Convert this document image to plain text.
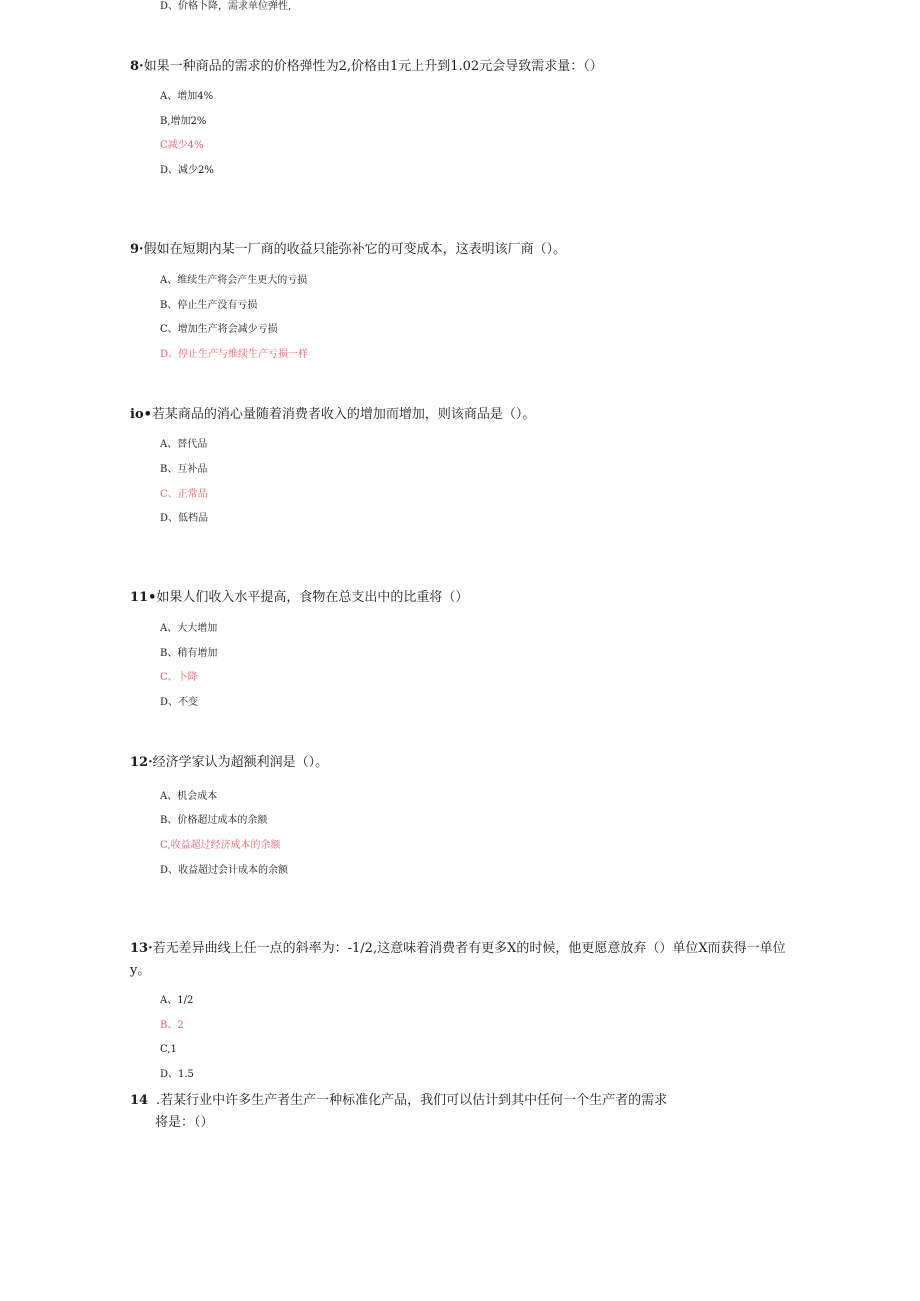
D、价格卜降，需求单位弹性,
8·如果一种商品的需求的价格弹性为2,价格由1元上升到1.02元会导致需求量：（）
A、增加4%
B,增加2%
C减少4%
D、减少2%
9·假如在短期内某一厂商的收益只能弥补它的可变成本，这表明该厂商（）。
A、维续生产将会产生更大的亏损
B、停止生产没有亏损
C、增加生产将会减少亏损
D、停止生产与维续生产亏损一样
io•若某商品的消心量随着消费者收入的增加而增加，则该商品是（）。
A、替代品
B、互补品
C、正常品
D、低档品
11•如果人们收入水平提高，食物在总支出中的比重将（）
A、大大增加
B、稍有增加
C、卜降
D、不变
12·经济学家认为超额利润是（）。
A、机会成本
B、价格超过成本的余额
C,收益超过经济成本的余额
D、收益超过会计成本的余额
13·若无差异曲线上任一点的斜率为：-1/2,这意味着消费者有更多X的时候，他更愿意放弃（）单位X而获得一单位y。
A、1/2
B、2
C,1
D、1.5
14 .若某行业中许多生产者生产一种标准化产品，我们可以估计到其中任何一个生产者的需求
将是：（）
